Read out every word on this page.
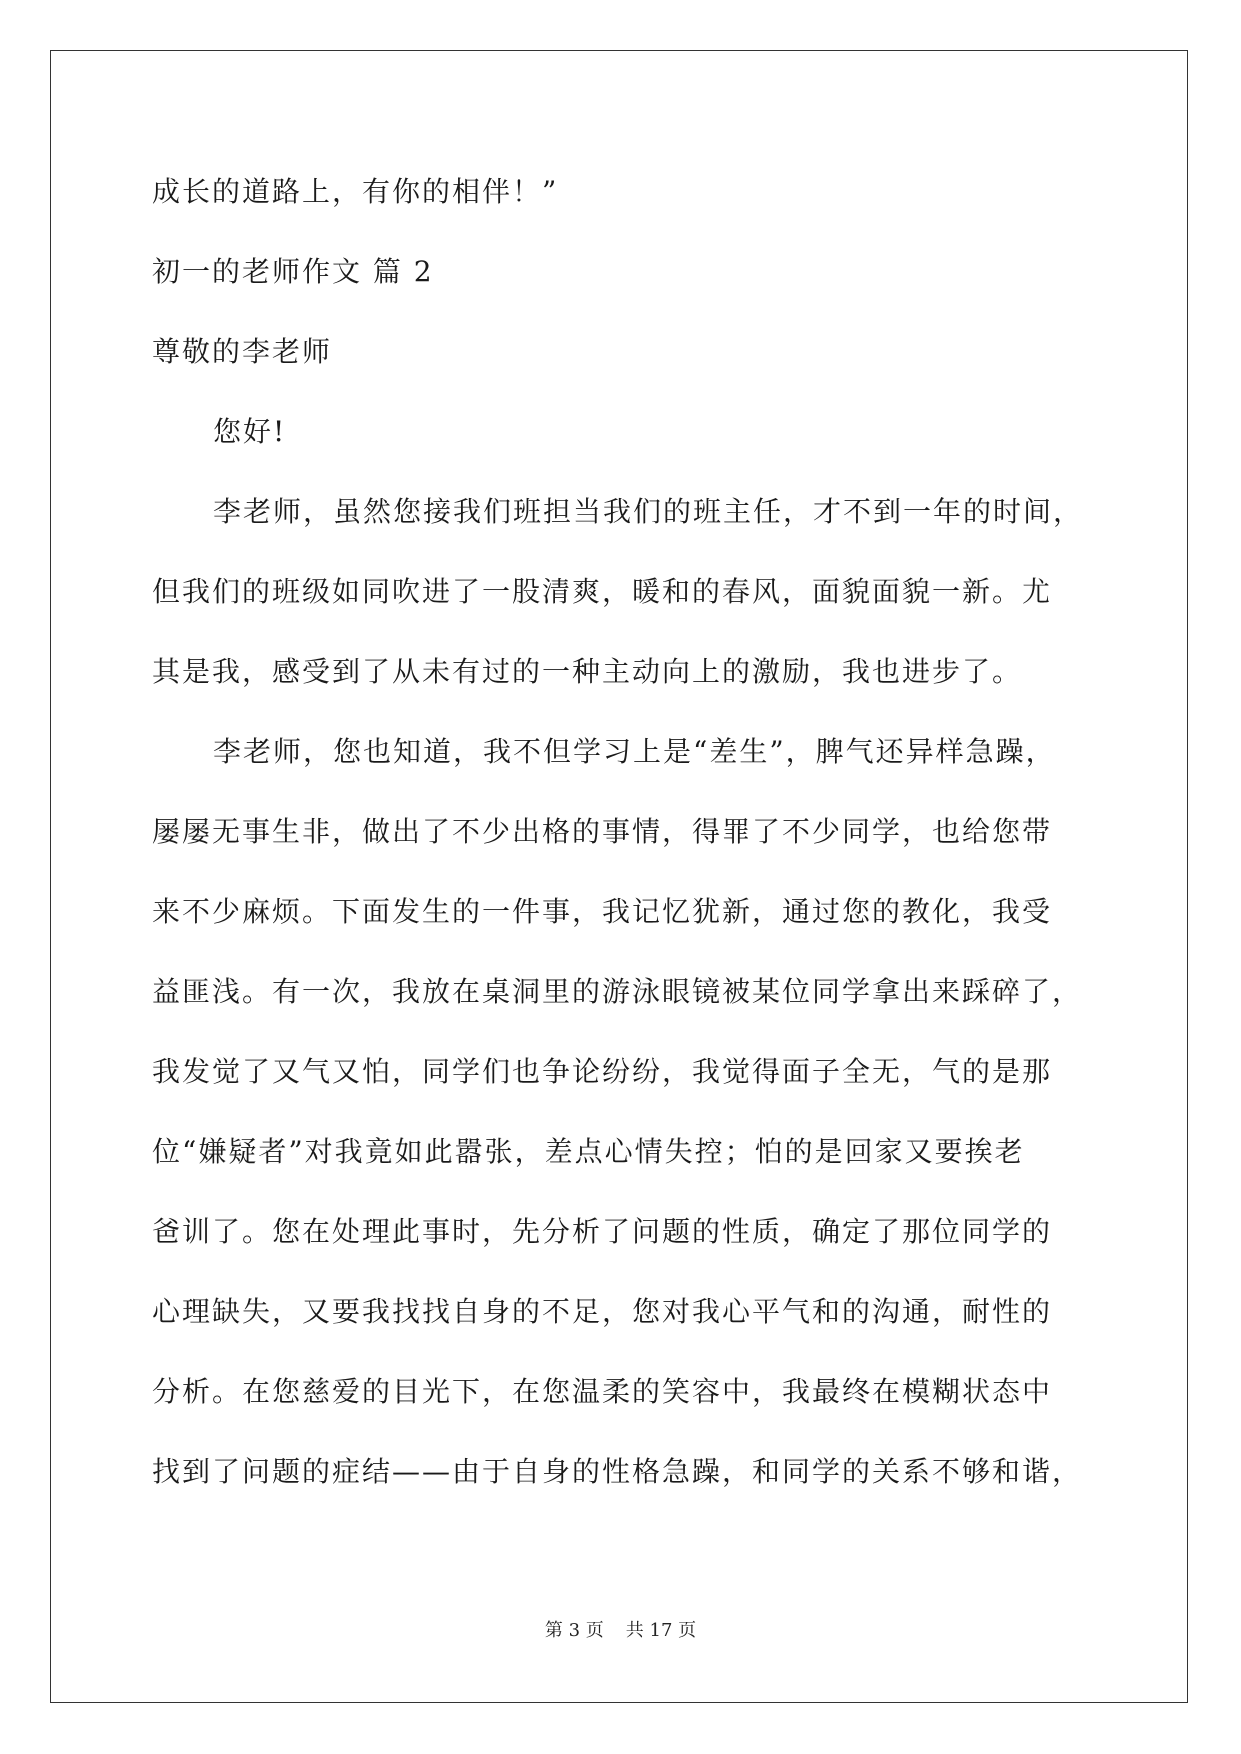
成长的道路上，有你的相伴！”
初一的老师作文 篇 2
尊敬的李老师
您好!
李老师，虽然您接我们班担当我们的班主任，才不到一年的时间，
但我们的班级如同吹进了一股清爽，暖和的春风，面貌面貌一新。尤
其是我，感受到了从未有过的一种主动向上的激励，我也进步了。
李老师，您也知道，我不但学习上是“差生”，脾气还异样急躁，
屡屡无事生非，做出了不少出格的事情，得罪了不少同学，也给您带
来不少麻烦。下面发生的一件事，我记忆犹新，通过您的教化，我受
益匪浅。有一次，我放在桌洞里的游泳眼镜被某位同学拿出来踩碎了，
我发觉了又气又怕，同学们也争论纷纷，我觉得面子全无，气的是那
位“嫌疑者”对我竟如此嚣张，差点心情失控；怕的是回家又要挨老
爸训了。您在处理此事时，先分析了问题的性质，确定了那位同学的
心理缺失，又要我找找自身的不足，您对我心平气和的沟通，耐性的
分析。在您慈爱的目光下，在您温柔的笑容中，我最终在模糊状态中
找到了问题的症结——由于自身的性格急躁，和同学的关系不够和谐，
第 3 页 共 17 页
